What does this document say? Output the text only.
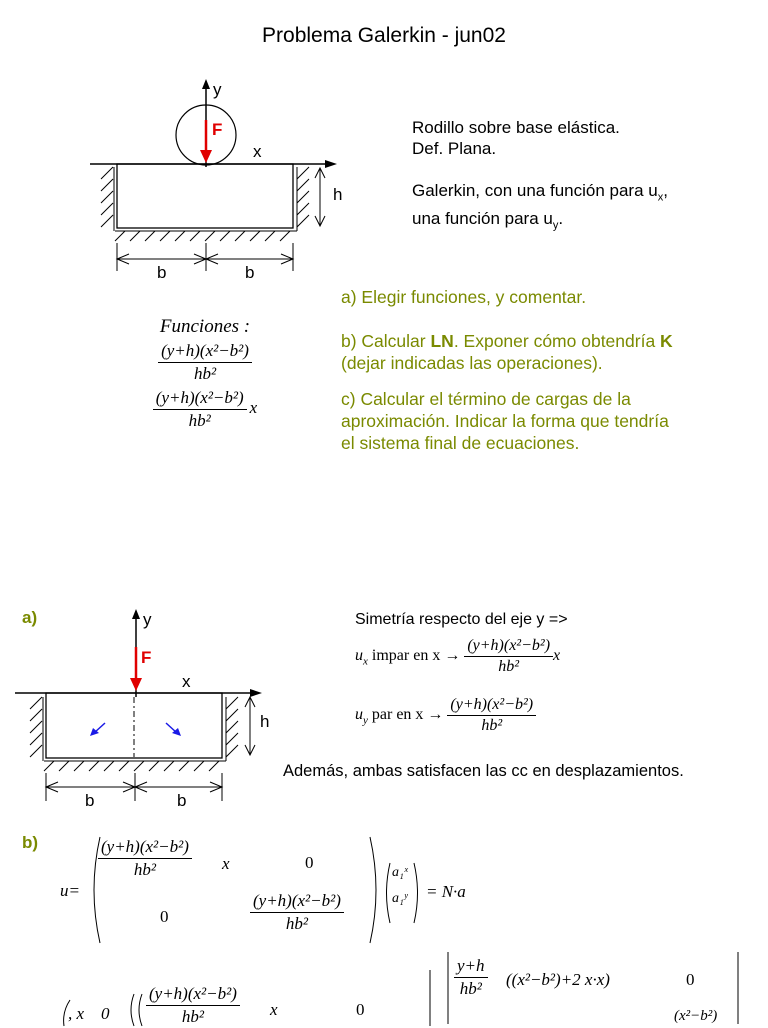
Problema Galerkin - jun02
y
F
x
h
b	b
Rodillo sobre base elástica.
Def. Plana.
Galerkin, con una función para $u_x$,
una función para $u_y$.
a) Elegir funciones, y comentar.
b) Calcular LN. Exponer cómo obtendría K
(dejar indicadas las operaciones).
c) Calcular el término de cargas de la
aproximación. Indicar la forma que tendría
el sistema final de ecuaciones.
Funciones :
$\frac{\text{(y+h)(x²−b²)}}{\text{hb²}}$
$\frac{\text{(y+h)(x²−b²)}}{\text{hb²}}$ x
a)	y
F
x
h
b	b
Simetría respecto del eje y =>
$u_x$ impar en $x \to \frac{\text{(y+h)(x²−b²)}}{\text{hb²}}$ x
$u_y$ par en $x \to \frac{\text{(y+h)(x²−b²)}}{\text{hb²}}$
Además, ambas satisfacen las cc en desplazamientos.
b)
u=
$\frac{\text{(y+h)(x²−b²)}}{\text{hb²}}$ x	0
0	$\frac{\text{(y+h)(x²−b²)}}{\text{hb²}}$
a₁ˣ
a₁ʸ = N·a
, x    $0 \frac{\text{(y+h)(x²−b²)}}{\text{hb²}}$ x	0
$\frac{y+h}{\text{hb²}} ((x^2-b^2)+2$ x·x)	0
(x²−b²)
